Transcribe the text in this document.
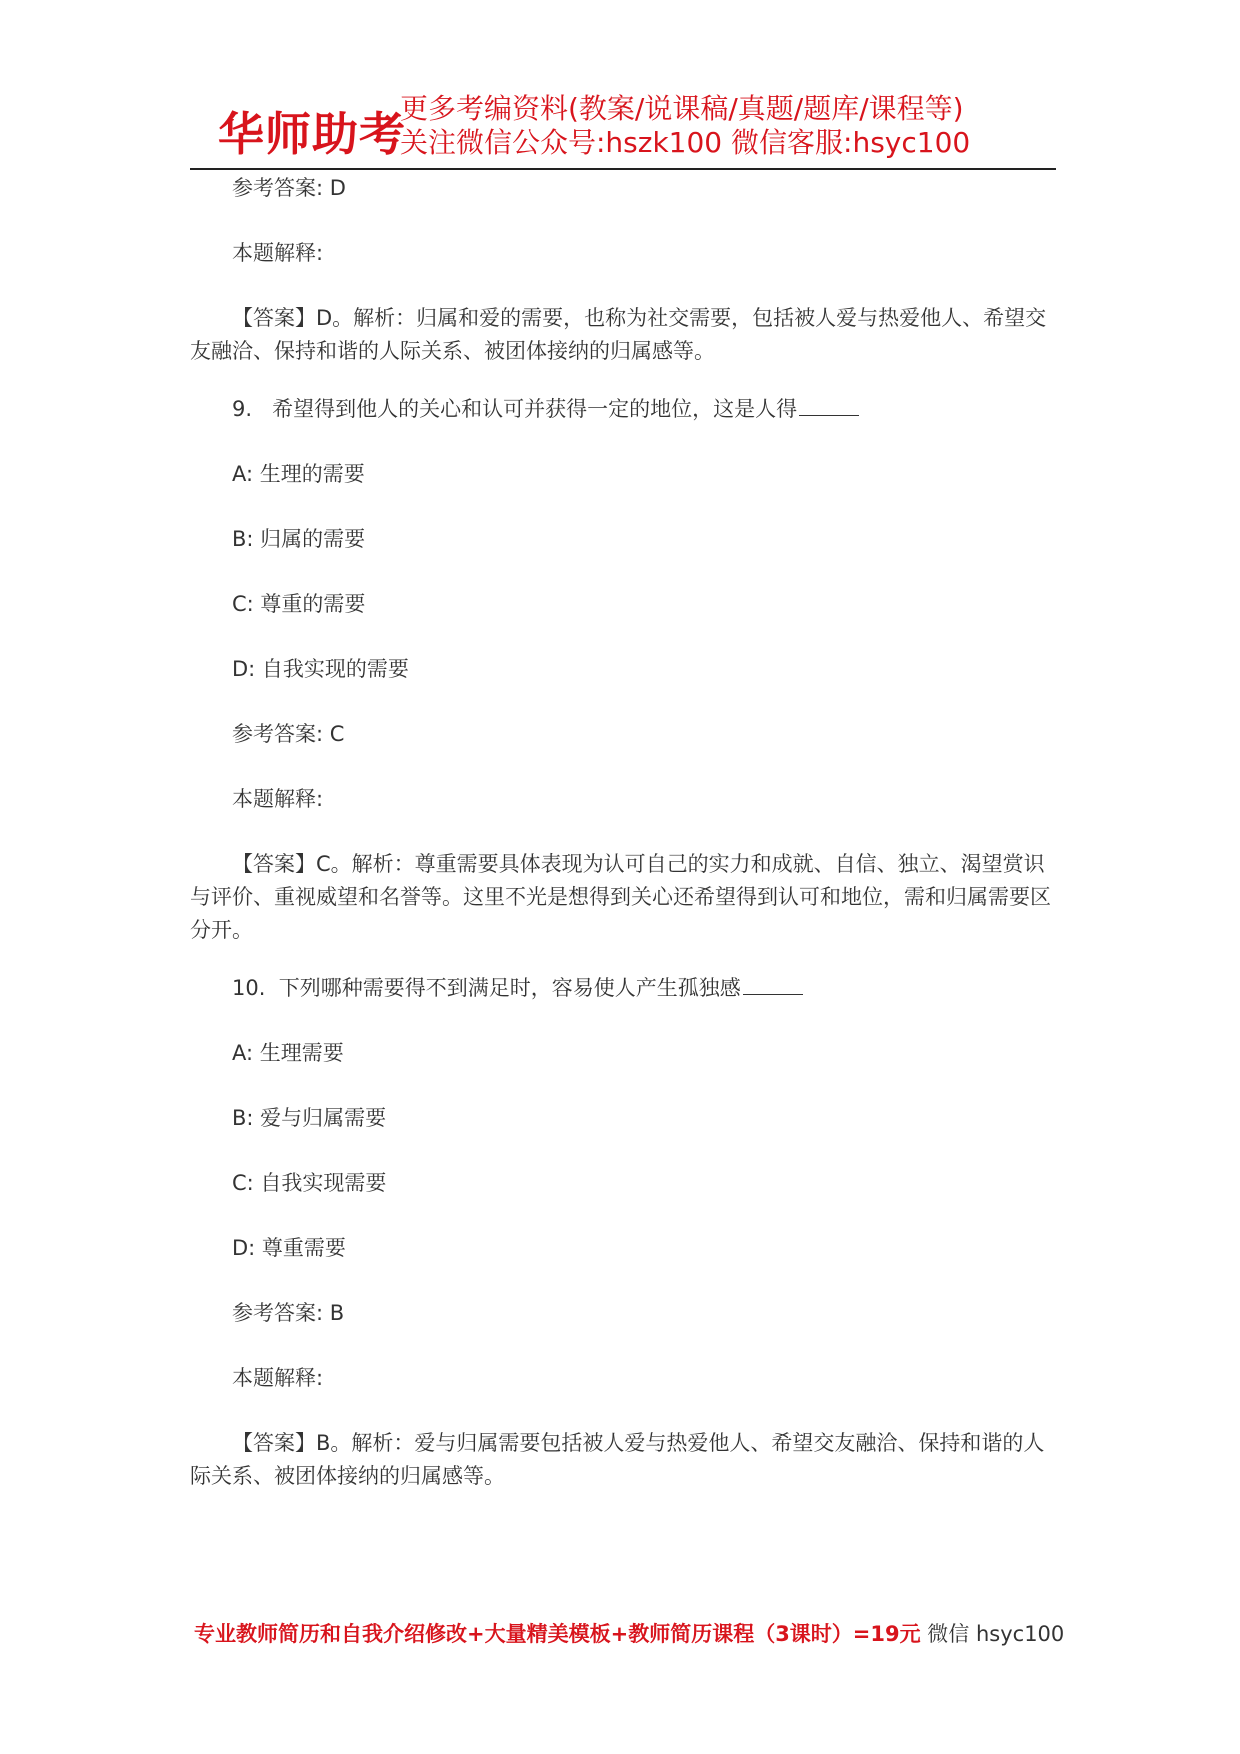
华师助考
更多考编资料(教案/说课稿/真题/题库/课程等)
关注微信公众号:hszk100 微信客服:hsyc100

参考答案: D

本题解释:

【答案】D。解析：归属和爱的需要，也称为社交需要，包括被人爱与热爱他人、希望交友融洽、保持和谐的人际关系、被团体接纳的归属感等。

9. 希望得到他人的关心和认可并获得一定的地位，这是人得

A: 生理的需要

B: 归属的需要

C: 尊重的需要

D: 自我实现的需要

参考答案: C

本题解释:

【答案】C。解析：尊重需要具体表现为认可自己的实力和成就、自信、独立、渴望赏识与评价、重视威望和名誉等。这里不光是想得到关心还希望得到认可和地位，需和归属需要区分开。

10. 下列哪种需要得不到满足时，容易使人产生孤独感

A: 生理需要

B: 爱与归属需要

C: 自我实现需要

D: 尊重需要

参考答案: B

本题解释:

【答案】B。解析：爱与归属需要包括被人爱与热爱他人、希望交友融洽、保持和谐的人际关系、被团体接纳的归属感等。

专业教师简历和自我介绍修改+大量精美模板+教师简历课程（3课时）=19元 微信 hsyc100
